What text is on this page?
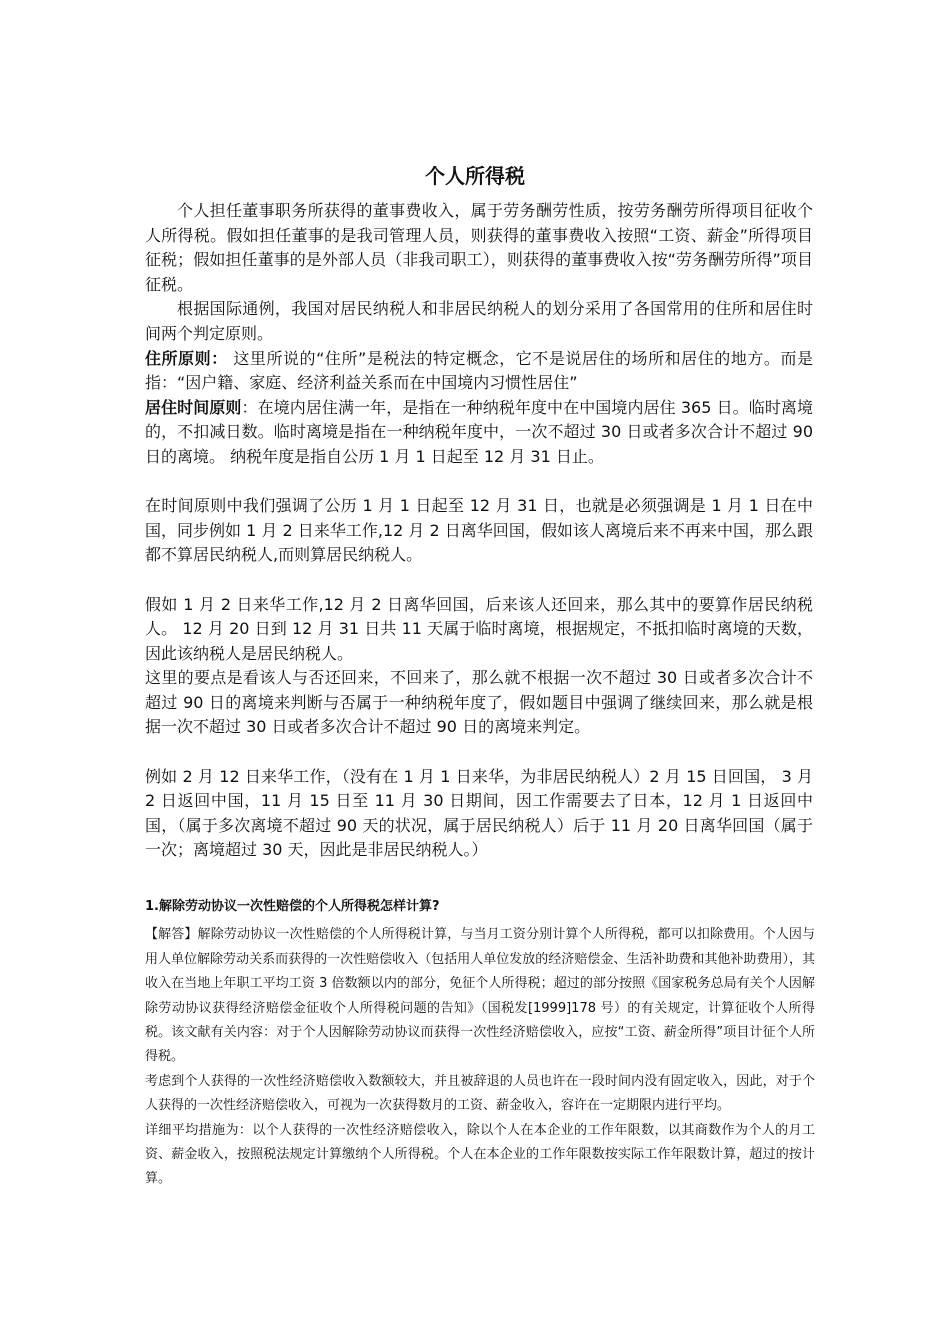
个人所得税

个人担任董事职务所获得的董事费收入，属于劳务酬劳性质，按劳务酬劳所得项目征收个人所得税。假如担任董事的是我司管理人员，则获得的董事费收入按照“工资、薪金”所得项目征税；假如担任董事的是外部人员（非我司职工），则获得的董事费收入按“劳务酬劳所得”项目征税。

根据国际通例，我国对居民纳税人和非居民纳税人的划分采用了各国常用的住所和居住时间两个判定原则。

住所原则： 这里所说的“住所”是税法的特定概念，它不是说居住的场所和居住的地方。而是指：“因户籍、家庭、经济利益关系而在中国境内习惯性居住”

居住时间原则：在境内居住满一年，是指在一种纳税年度中在中国境内居住 365 日。临时离境的，不扣减日数。临时离境是指在一种纳税年度中，一次不超过 30 日或者多次合计不超过 90 日的离境。 纳税年度是指自公历 1 月 1 日起至 12 月 31 日止。

在时间原则中我们强调了公历 1 月 1 日起至 12 月 31 日，也就是必须强调是 1 月 1 日在中国，同步例如 1 月 2 日来华工作,12 月 2 日离华回国，假如该人离境后来不再来中国，那么跟都不算居民纳税人,而则算居民纳税人。

假如 1 月 2 日来华工作,12 月 2 日离华回国，后来该人还回来，那么其中的要算作居民纳税人。 12 月 20 日到 12 月 31 日共 11 天属于临时离境，根据规定，不抵扣临时离境的天数，因此该纳税人是居民纳税人。

这里的要点是看该人与否还回来，不回来了，那么就不根据一次不超过 30 日或者多次合计不超过 90 日的离境来判断与否属于一种纳税年度了，假如题目中强调了继续回来，那么就是根据一次不超过 30 日或者多次合计不超过 90 日的离境来判定。

例如 2 月 12 日来华工作，（没有在 1 月 1 日来华，为非居民纳税人）2 月 15 日回国， 3 月 2 日返回中国，11 月 15 日至 11 月 30 日期间，因工作需要去了日本，12 月 1 日返回中国，（属于多次离境不超过 90 天的状况，属于居民纳税人）后于 11 月 20 日离华回国（属于一次；离境超过 30 天，因此是非居民纳税人。）

1.解除劳动协议一次性赔偿的个人所得税怎样计算?

【解答】解除劳动协议一次性赔偿的个人所得税计算，与当月工资分别计算个人所得税，都可以扣除费用。个人因与用人单位解除劳动关系而获得的一次性赔偿收入（包括用人单位发放的经济赔偿金、生活补助费和其他补助费用），其收入在当地上年职工平均工资 3 倍数额以内的部分，免征个人所得税；超过的部分按照《国家税务总局有关个人因解除劳动协议获得经济赔偿金征收个人所得税问题的告知》（国税发[1999]178 号）的有关规定，计算征收个人所得税。该文献有关内容：对于个人因解除劳动协议而获得一次性经济赔偿收入，应按“工资、薪金所得”项目计征个人所得税。

考虑到个人获得的一次性经济赔偿收入数额较大，并且被辞退的人员也许在一段时间内没有固定收入，因此，对于个人获得的一次性经济赔偿收入，可视为一次获得数月的工资、薪金收入，容许在一定期限内进行平均。

详细平均措施为：以个人获得的一次性经济赔偿收入，除以个人在本企业的工作年限数，以其商数作为个人的月工资、薪金收入，按照税法规定计算缴纳个人所得税。个人在本企业的工作年限数按实际工作年限数计算，超过的按计算。
